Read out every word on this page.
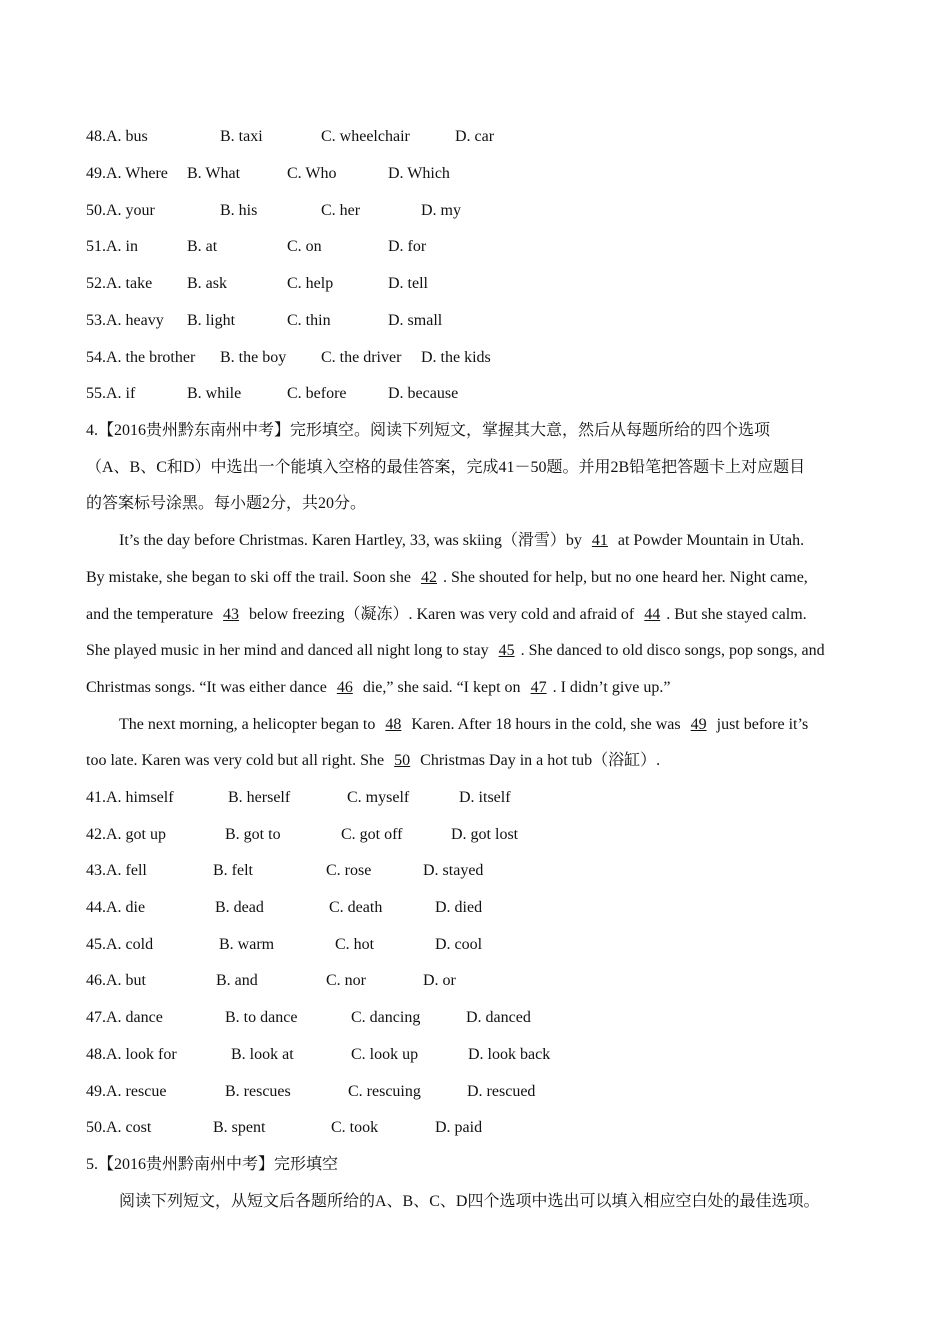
48.A. bus	B. taxi	C. wheelchair	D. car
49.A. Where B. What	C. Who	D. Which
50.A. your	B. his	C. her	D. my
51.A. in	B. at	C. on	D. for
52.A. take B. ask	C. help	D. tell
53.A. heavy B. light	C. thin	D. small
54.A. the brother B. the boy C. the driver D. the kids
55.A. if	B. while	C. before	D. because
4.【2016贵州黔东南州中考】完形填空。阅读下列短文，掌握其大意，然后从每题所给的四个选项
（A、B、C和D）中选出一个能填入空格的最佳答案，完成41－50题。并用2B铅笔把答题卡上对应题目
的答案标号涂黑。每小题2分，共20分。
It’s the day before Christmas. Karen Hartley, 33, was skiing（滑雪）by 41 at Powder Mountain in Utah.
By mistake, she began to ski off the trail. Soon she 42 . She shouted for help, but no one heard her. Night came,
and the temperature 43 below freezing（凝冻）. Karen was very cold and afraid of 44 . But she stayed calm.
She played music in her mind and danced all night long to stay 45 . She danced to old disco songs, pop songs, and
Christmas songs. “It was either dance 46 die,” she said. “I kept on 47 . I didn’t give up.”
The next morning, a helicopter began to 48 Karen. After 18 hours in the cold, she was 49 just before it’s
too late. Karen was very cold but all right. She 50 Christmas Day in a hot tub（浴缸）.
41.A. himself	B. herself	C. myself	D. itself
42.A. got up	B. got to	C. got off	D. got lost
43.A. fell	B. felt	C. rose	D. stayed
44.A. die	B. dead	C. death	D. died
45.A. cold	B. warm	C. hot	D. cool
46.A. but	B. and	C. nor	D. or
47.A. dance	B. to dance	C. dancing	D. danced
48.A. look for	B. look at	C. look up	D. look back
49.A. rescue	B. rescues	C. rescuing	D. rescued
50.A. cost	B. spent	C. took	D. paid
5.【2016贵州黔南州中考】完形填空
阅读下列短文，从短文后各题所给的A、B、C、D四个选项中选出可以填入相应空白处的最佳选项。
